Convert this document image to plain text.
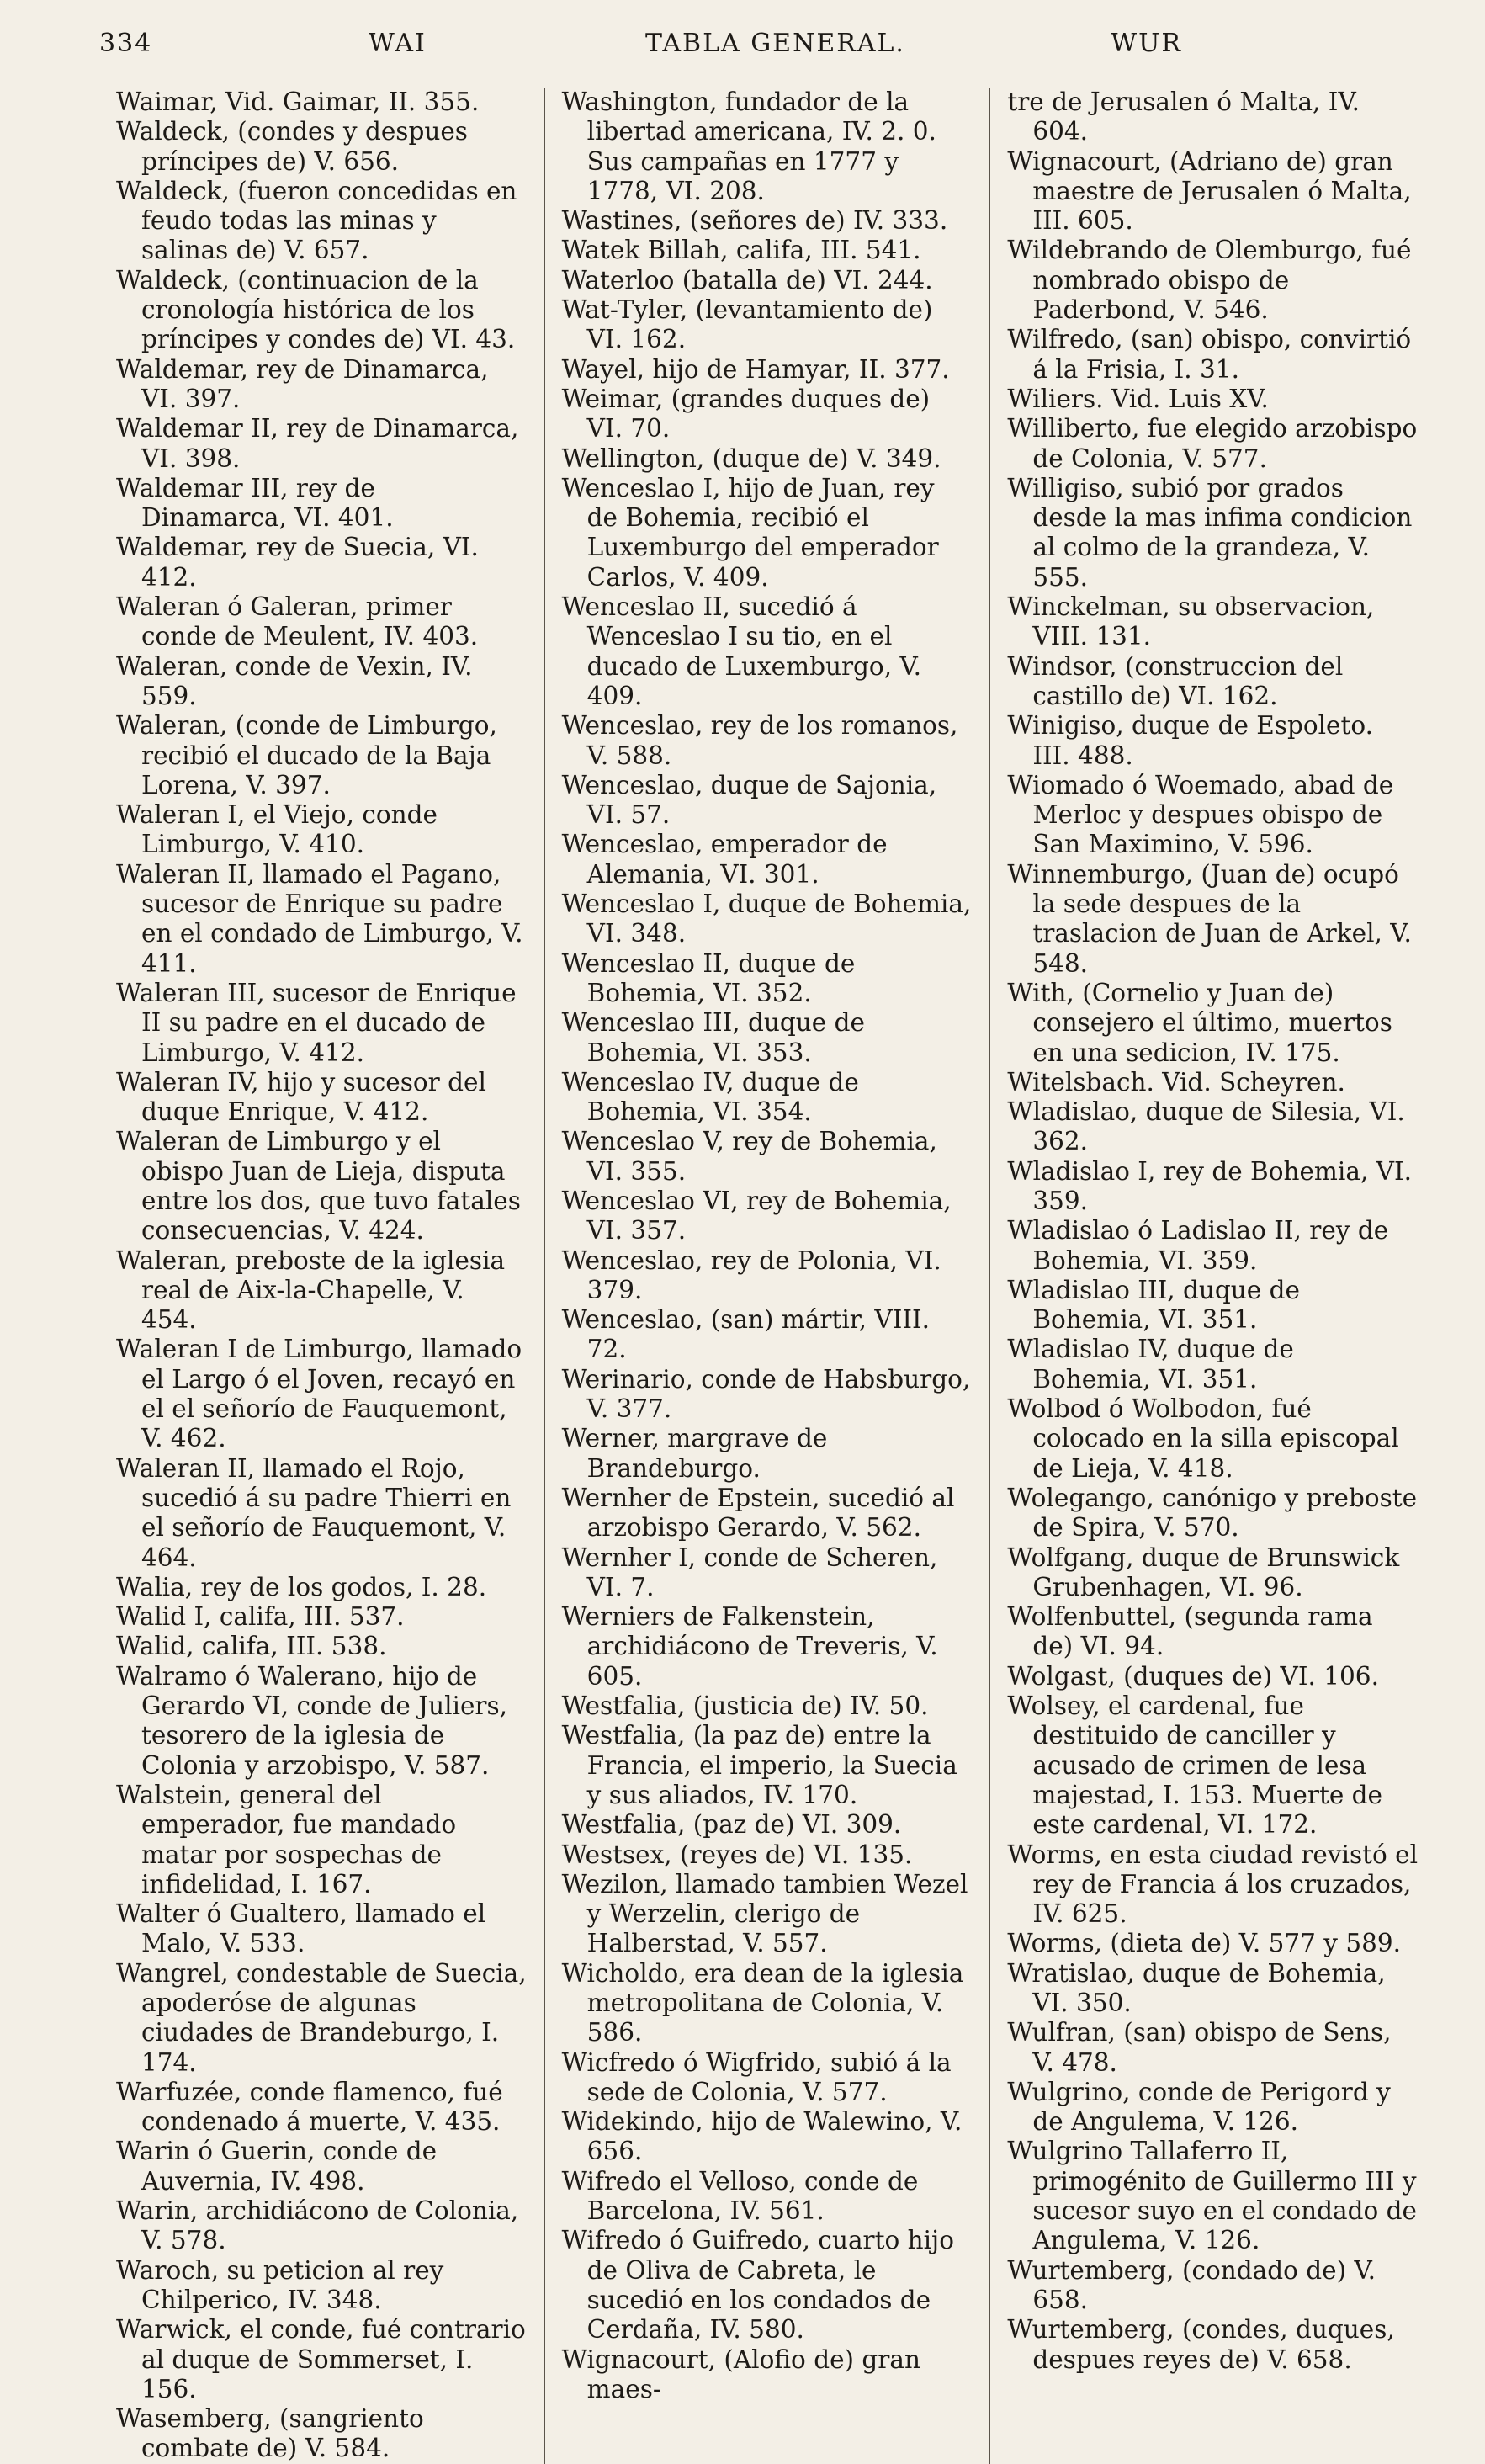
334	WAI	TABLA GENERAL.	WUR

Waimar, Vid. Gaimar, II. 355.

Waldeck, (condes y despues príncipes de) V. 656.

Waldeck, (fueron concedidas en feudo todas las minas y salinas de) V. 657.

Waldeck, (continuacion de la cronología histórica de los príncipes y condes de) VI. 43.

Waldemar, rey de Dinamarca, VI. 397.

Waldemar II, rey de Dinamarca, VI. 398.

Waldemar III, rey de Dinamarca, VI. 401.

Waldemar, rey de Suecia, VI. 412.

Waleran ó Galeran, primer conde de Meulent, IV. 403.

Waleran, conde de Vexin, IV. 559.

Waleran, (conde de Limburgo, recibió el ducado de la Baja Lorena, V. 397.

Waleran I, el Viejo, conde Limburgo, V. 410.

Waleran II, llamado el Pagano, sucesor de Enrique su padre en el condado de Limburgo, V. 411.

Waleran III, sucesor de Enrique II su padre en el ducado de Limburgo, V. 412.

Waleran IV, hijo y sucesor del duque Enrique, V. 412.

Waleran de Limburgo y el obispo Juan de Lieja, disputa entre los dos, que tuvo fatales consecuencias, V. 424.

Waleran, preboste de la iglesia real de Aix-la-Chapelle, V. 454.

Waleran I de Limburgo, llamado el Largo ó el Joven, recayó en el el señorío de Fauquemont, V. 462.

Waleran II, llamado el Rojo, sucedió á su padre Thierri en el señorío de Fauquemont, V. 464.

Walia, rey de los godos, I. 28.

Walid I, califa, III. 537.

Walid, califa, III. 538.

Walramo ó Walerano, hijo de Gerardo VI, conde de Juliers, tesorero de la iglesia de Colonia y arzobispo, V. 587.

Walstein, general del emperador, fue mandado matar por sospechas de infidelidad, I. 167.

Walter ó Gualtero, llamado el Malo, V. 533.

Wangrel, condestable de Suecia, apoderóse de algunas ciudades de Brandeburgo, I. 174.

Warfuzée, conde flamenco, fué condenado á muerte, V. 435.

Warin ó Guerin, conde de Auvernia, IV. 498.

Warin, archidiácono de Colonia, V. 578.

Waroch, su peticion al rey Chilperico, IV. 348.

Warwick, el conde, fué contrario al duque de Sommerset, I. 156.

Wasemberg, (sangriento combate de) V. 584.

Washington, fundador de la libertad americana, IV. 2. 0. Sus campañas en 1777 y 1778, VI. 208.

Wastines, (señores de) IV. 333.

Watek Billah, califa, III. 541.

Waterloo (batalla de) VI. 244.

Wat-Tyler, (levantamiento de) VI. 162.

Wayel, hijo de Hamyar, II. 377.

Weimar, (grandes duques de) VI. 70.

Wellington, (duque de) V. 349.

Wenceslao I, hijo de Juan, rey de Bohemia, recibió el Luxemburgo del emperador Carlos, V. 409.

Wenceslao II, sucedió á Wenceslao I su tio, en el ducado de Luxemburgo, V. 409.

Wenceslao, rey de los romanos, V. 588.

Wenceslao, duque de Sajonia, VI. 57.

Wenceslao, emperador de Alemania, VI. 301.

Wenceslao I, duque de Bohemia, VI. 348.

Wenceslao II, duque de Bohemia, VI. 352.

Wenceslao III, duque de Bohemia, VI. 353.

Wenceslao IV, duque de Bohemia, VI. 354.

Wenceslao V, rey de Bohemia, VI. 355.

Wenceslao VI, rey de Bohemia, VI. 357.

Wenceslao, rey de Polonia, VI. 379.

Wenceslao, (san) mártir, VIII. 72.

Werinario, conde de Habsburgo, V. 377.

Werner, margrave de Brandeburgo.

Wernher de Epstein, sucedió al arzobispo Gerardo, V. 562.

Wernher I, conde de Scheren, VI. 7.

Werniers de Falkenstein, archidiácono de Treveris, V. 605.

Westfalia, (justicia de) IV. 50.

Westfalia, (la paz de) entre la Francia, el imperio, la Suecia y sus aliados, IV. 170.

Westfalia, (paz de) VI. 309.

Westsex, (reyes de) VI. 135.

Wezilon, llamado tambien Wezel y Werzelin, clerigo de Halberstad, V. 557.

Wicholdo, era dean de la iglesia metropolitana de Colonia, V. 586.

Wicfredo ó Wigfrido, subió á la sede de Colonia, V. 577.

Widekindo, hijo de Walewino, V. 656.

Wifredo el Velloso, conde de Barcelona, IV. 561.

Wifredo ó Guifredo, cuarto hijo de Oliva de Cabreta, le sucedió en los condados de Cerdaña, IV. 580.

Wignacourt, (Alofio de) gran maes-

tre de Jerusalen ó Malta, IV. 604.

Wignacourt, (Adriano de) gran maestre de Jerusalen ó Malta, III. 605.

Wildebrando de Olemburgo, fué nombrado obispo de Paderbond, V. 546.

Wilfredo, (san) obispo, convirtió á la Frisia, I. 31.

Wiliers. Vid. Luis XV.

Williberto, fue elegido arzobispo de Colonia, V. 577.

Willigiso, subió por grados desde la mas infima condicion al colmo de la grandeza, V. 555.

Winckelman, su observacion, VIII. 131.

Windsor, (construccion del castillo de) VI. 162.

Winigiso, duque de Espoleto. III. 488.

Wiomado ó Woemado, abad de Merloc y despues obispo de San Maximino, V. 596.

Winnemburgo, (Juan de) ocupó la sede despues de la traslacion de Juan de Arkel, V. 548.

With, (Cornelio y Juan de) consejero el último, muertos en una sedicion, IV. 175.

Witelsbach. Vid. Scheyren.

Wladislao, duque de Silesia, VI. 362.

Wladislao I, rey de Bohemia, VI. 359.

Wladislao ó Ladislao II, rey de Bohemia, VI. 359.

Wladislao III, duque de Bohemia, VI. 351.

Wladislao IV, duque de Bohemia, VI. 351.

Wolbod ó Wolbodon, fué colocado en la silla episcopal de Lieja, V. 418.

Wolegango, canónigo y preboste de Spira, V. 570.

Wolfgang, duque de Brunswick Grubenhagen, VI. 96.

Wolfenbuttel, (segunda rama de) VI. 94.

Wolgast, (duques de) VI. 106.

Wolsey, el cardenal, fue destituido de canciller y acusado de crimen de lesa majestad, I. 153. Muerte de este cardenal, VI. 172.

Worms, en esta ciudad revistó el rey de Francia á los cruzados, IV. 625.

Worms, (dieta de) V. 577 y 589.

Wratislao, duque de Bohemia, VI. 350.

Wulfran, (san) obispo de Sens, V. 478.

Wulgrino, conde de Perigord y de Angulema, V. 126.

Wulgrino Tallaferro II, primogénito de Guillermo III y sucesor suyo en el condado de Angulema, V. 126.

Wurtemberg, (condado de) V. 658.

Wurtemberg, (condes, duques, despues reyes de) V. 658.
